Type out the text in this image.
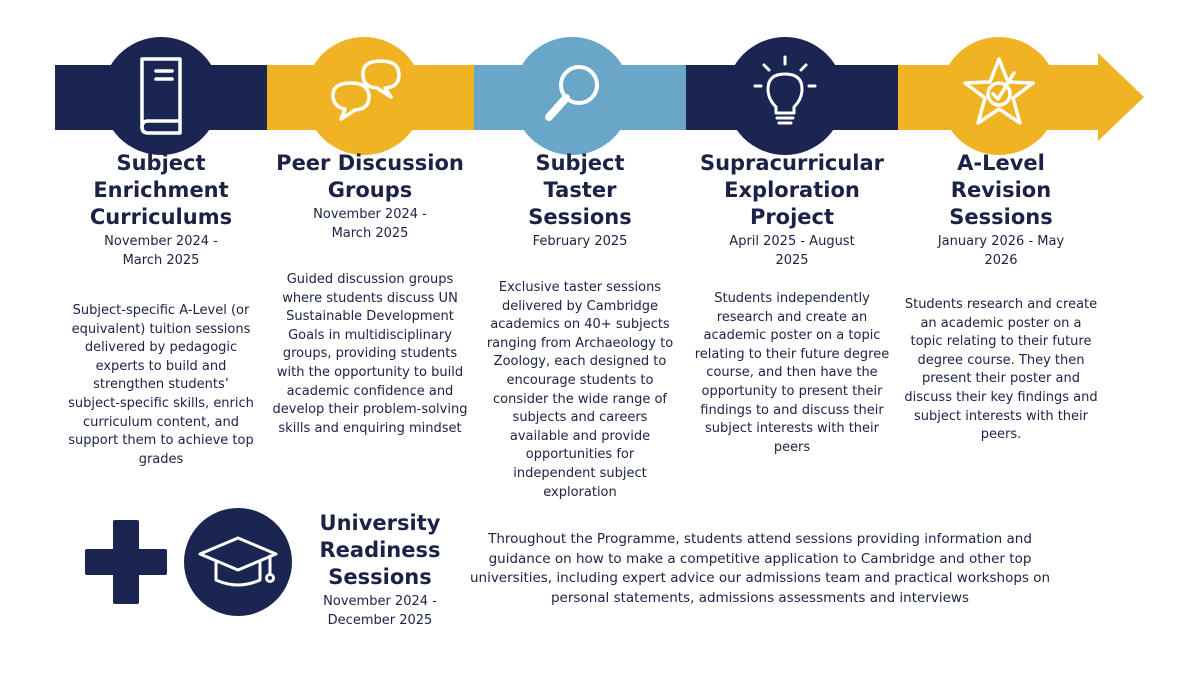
Subject Enrichment Curriculums
November 2024 - March 2025
Subject-specific A-Level (or equivalent) tuition sessions delivered by pedagogic experts to build and strengthen students’ subject-specific skills, enrich curriculum content, and support them to achieve top grades
Peer Discussion Groups
November 2024 - March 2025
Guided discussion groups where students discuss UN Sustainable Development Goals in multidisciplinary groups, providing students with the opportunity to build academic confidence and develop their problem-solving skills and enquiring mindset
Subject Taster Sessions
February 2025
Exclusive taster sessions delivered by Cambridge academics on 40+ subjects ranging from Archaeology to Zoology, each designed to encourage students to consider the wide range of subjects and careers available and provide opportunities for independent subject exploration
Supracurricular Exploration Project
April 2025 - August 2025
Students independently research and create an academic poster on a topic relating to their future degree course, and then have the opportunity to present their findings to and discuss their subject interests with their peers
A-Level Revision Sessions
January 2026 - May 2026
Students research and create an academic poster on a topic relating to their future degree course. They then present their poster and discuss their key findings and subject interests with their peers.
University Readiness Sessions
November 2024 - December 2025
Throughout the Programme, students attend sessions providing information and guidance on how to make a competitive application to Cambridge and other top universities, including expert advice our admissions team and practical workshops on personal statements, admissions assessments and interviews
